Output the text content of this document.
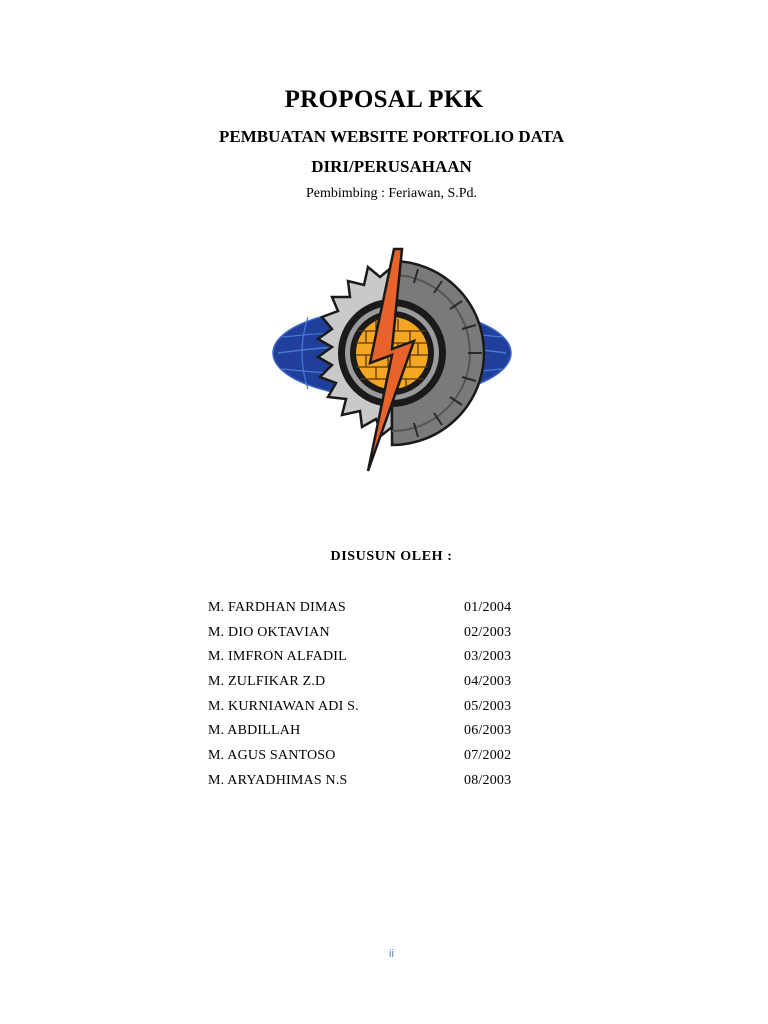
PROPOSAL PKK
PEMBUATAN WEBSITE PORTFOLIO DATA
DIRI/PERUSAHAAN
Pembimbing : Feriawan, S.Pd.
DISUSUN OLEH :
M. FARDHAN DIMAS	01/2004
M. DIO OKTAVIAN	02/2003
M. IMFRON ALFADIL	03/2003
M. ZULFIKAR Z.D	04/2003
M. KURNIAWAN ADI S.	05/2003
M. ABDILLAH	06/2003
M. AGUS SANTOSO	07/2002
M. ARYADHIMAS N.S	08/2003
ii
